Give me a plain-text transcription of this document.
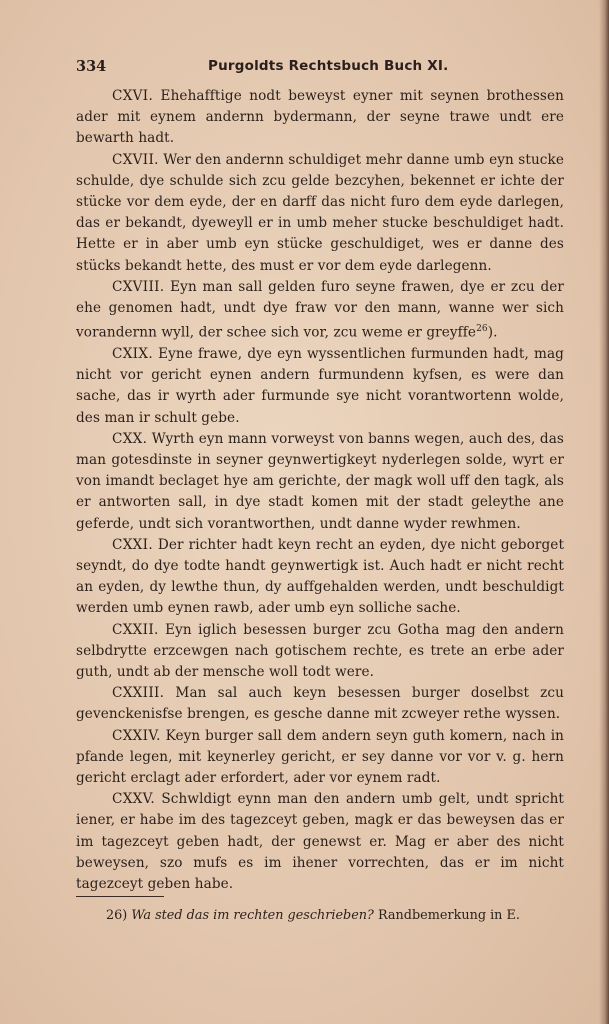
334	Purgoldts Rechtsbuch Buch XI.

CXVI. Ehehafftige nodt beweyst eyner mit seynen brothessen ader mit eynem andernn bydermann, der seyne trawe undt ere bewarth hadt.

CXVII. Wer den andernn schuldiget mehr danne umb eyn stucke schulde, dye schulde sich zcu gelde bezcyhen, bekennet er ichte der stücke vor dem eyde, der en darff das nicht furo dem eyde darlegen, das er bekandt, dyeweyll er in umb meher stucke beschuldiget hadt. Hette er in aber umb eyn stücke geschuldiget, wes er danne des stücks bekandt hette, des must er vor dem eyde darlegenn.

CXVIII. Eyn man sall gelden furo seyne frawen, dye er zcu der ehe genomen hadt, undt dye fraw vor den mann, wanne wer sich vorandernn wyll, der schee sich vor, zcu weme er greyffe$^{26}$).

CXIX. Eyne frawe, dye eyn wyssentlichen furmunden hadt, mag nicht vor gericht eynen andern furmundenn kyfsen, es were dan sache, das ir wyrth ader furmunde sye nicht vorantwortenn wolde, des man ir schult gebe.

CXX. Wyrth eyn mann vorweyst von banns wegen, auch des, das man gotesdinste in seyner geynwertigkeyt nyderlegen solde, wyrt er von imandt beclaget hye am gerichte, der magk woll uff den tagk, als er antworten sall, in dye stadt komen mit der stadt geleythe ane geferde, undt sich vorantworthen, undt danne wyder rewhmen.

CXXI. Der richter hadt keyn recht an eyden, dye nicht geborget seyndt, do dye todte handt geynwertigk ist. Auch hadt er nicht recht an eyden, dy lewthe thun, dy auffgehalden werden, undt beschuldigt werden umb eynen rawb, ader umb eyn solliche sache.

CXXII. Eyn iglich besessen burger zcu Gotha mag den andern selbdrytte erzcewgen nach gotischem rechte, es trete an erbe ader guth, undt ab der mensche woll todt were.

CXXIII. Man sal auch keyn besessen burger doselbst zcu gevenckenisfse brengen, es gesche danne mit zcweyer rethe wyssen.

CXXIV. Keyn burger sall dem andern seyn guth komern, nach in pfande legen, mit keynerley gericht, er sey danne vor vor v. g. hern gericht erclagt ader erfordert, ader vor eynem radt.

CXXV. Schwldigt eynn man den andern umb gelt, undt spricht iener, er habe im des tagezceyt geben, magk er das beweysen das er im tagezceyt geben hadt, der genewst er. Mag er aber des nicht beweysen, szo mufs es im ihener vorrechten, das er im nicht tagezceyt geben habe.

26) Wa sted das im rechten geschrieben? Randbemerkung in E.
